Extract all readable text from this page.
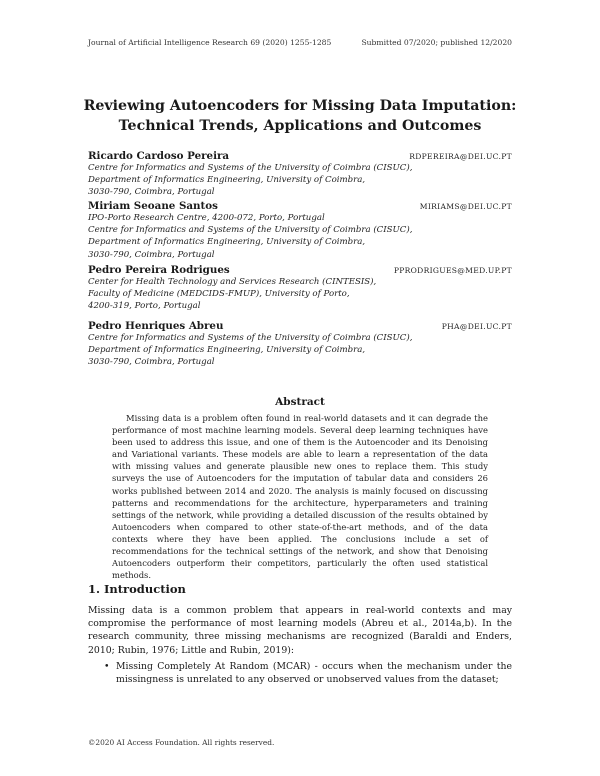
Journal of Artificial Intelligence Research 69 (2020) 1255-1285	Submitted 07/2020; published 12/2020
Reviewing Autoencoders for Missing Data Imputation:
Technical Trends, Applications and Outcomes
Ricardo Cardoso Pereira	RDPEREIRA@DEI.UC.PT
Centre for Informatics and Systems of the University of Coimbra (CISUC),
Department of Informatics Engineering, University of Coimbra,
3030-790, Coimbra, Portugal
Miriam Seoane Santos	MIRIAMS@DEI.UC.PT
IPO-Porto Research Centre, 4200-072, Porto, Portugal
Centre for Informatics and Systems of the University of Coimbra (CISUC),
Department of Informatics Engineering, University of Coimbra,
3030-790, Coimbra, Portugal
Pedro Pereira Rodrigues	PPRODRIGUES@MED.UP.PT
Center for Health Technology and Services Research (CINTESIS),
Faculty of Medicine (MEDCIDS-FMUP), University of Porto,
4200-319, Porto, Portugal
Pedro Henriques Abreu	PHA@DEI.UC.PT
Centre for Informatics and Systems of the University of Coimbra (CISUC),
Department of Informatics Engineering, University of Coimbra,
3030-790, Coimbra, Portugal
Abstract

Missing data is a problem often found in real-world datasets and it can degrade the performance of most machine learning models. Several deep learning techniques have been used to address this issue, and one of them is the Autoencoder and its Denoising and Variational variants. These models are able to learn a representation of the data with missing values and generate plausible new ones to replace them. This study surveys the use of Autoencoders for the imputation of tabular data and considers 26 works published between 2014 and 2020. The analysis is mainly focused on discussing patterns and recommendations for the architecture, hyperparameters and training settings of the network, while providing a detailed discussion of the results obtained by Autoencoders when compared to other state-of-the-art methods, and of the data contexts where they have been applied. The conclusions include a set of recommendations for the technical settings of the network, and show that Denoising Autoencoders outperform their competitors, particularly the often used statistical methods.

1. Introduction

Missing data is a common problem that appears in real-world contexts and may compromise the performance of most learning models (Abreu et al., 2014a,b). In the research community, three missing mechanisms are recognized (Baraldi and Enders, 2010; Rubin, 1976; Little and Rubin, 2019):

• Missing Completely At Random (MCAR) - occurs when the mechanism under the missingness is unrelated to any observed or unobserved values from the dataset;
©2020 AI Access Foundation. All rights reserved.
